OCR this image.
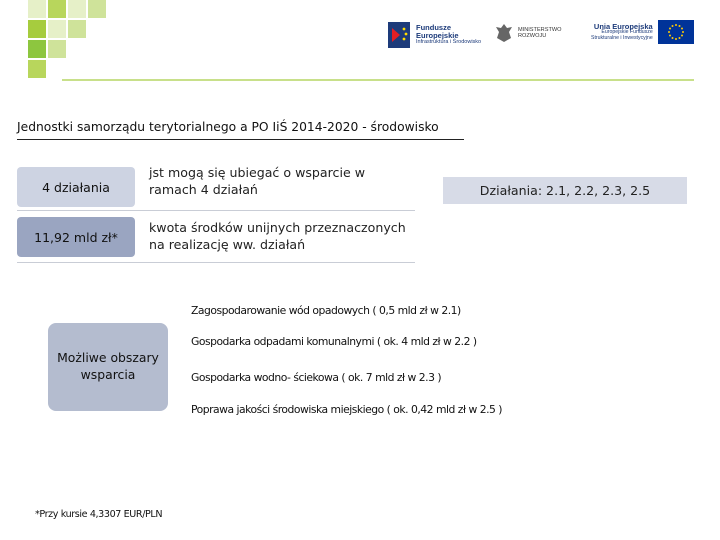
Fundusze
Europejskie
Infrastruktura i Środowisko
MINISTERSTWO
ROZWOJU
Unia Europejska
Europejskie Fundusze
Strukturalne i Inwestycyjne
Jednostki samorządu terytorialnego a PO IiŚ 2014-2020 - środowisko
4 działania
jst mogą się ubiegać o wsparcie w ramach 4 działań
11,92 mld zł*
kwota środków unijnych przeznaczonych na realizację ww. działań
Działania: 2.1, 2.2, 2.3, 2.5
Możliwe obszary wsparcia
Zagospodarowanie wód opadowych ( 0,5 mld zł w 2.1)
Gospodarka odpadami komunalnymi ( ok. 4 mld zł w 2.2 )
Gospodarka wodno- ściekowa ( ok. 7 mld zł w 2.3 )
Poprawa jakości środowiska miejskiego ( ok. 0,42 mld zł w 2.5 )
*Przy kursie 4,3307 EUR/PLN
